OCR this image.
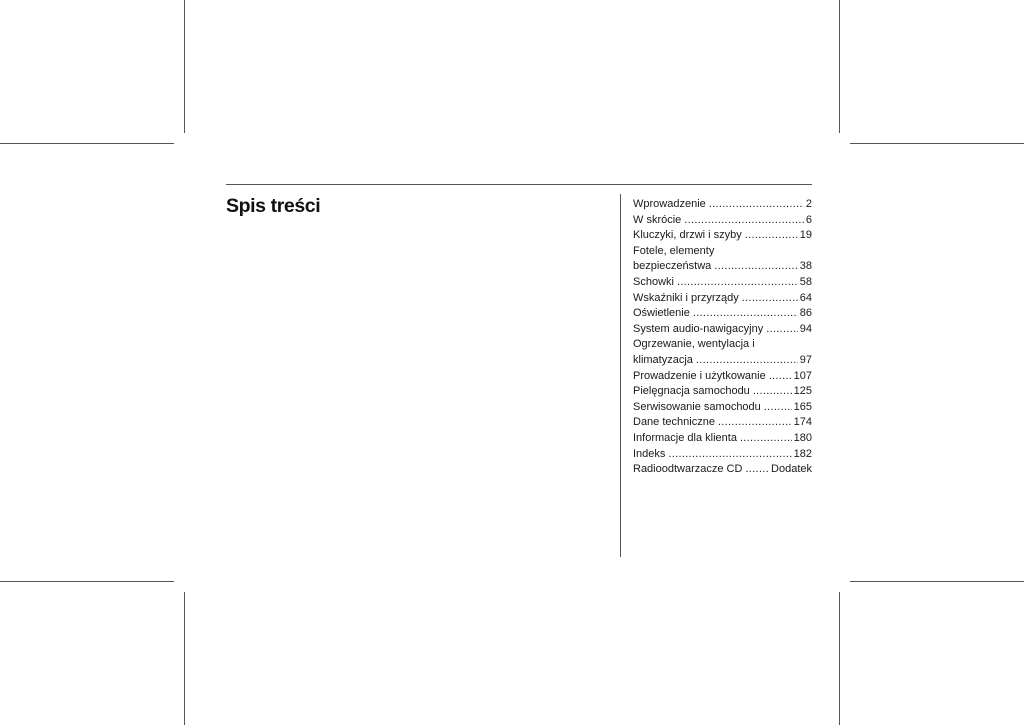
Spis treści	Wprowadzenie .....	2
W skrócie .....	6
Kluczyki, drzwi i szyby .....	19
Fotele, elementy
bezpieczeństwa .....	38
Schowki .....	58
Wskaźniki i przyrządy .....	64
Oświetlenie .....	86
System audio-nawigacyjny .....	94
Ogrzewanie, wentylacja i
klimatyzacja .....	97
Prowadzenie i użytkowanie .....	107
Pielęgnacja samochodu .....	125
Serwisowanie samochodu .....	165
Dane techniczne .....	174
Informacje dla klienta .....	180
Indeks .....	182
Radioodtwarzacze CD .....	Dodatek
